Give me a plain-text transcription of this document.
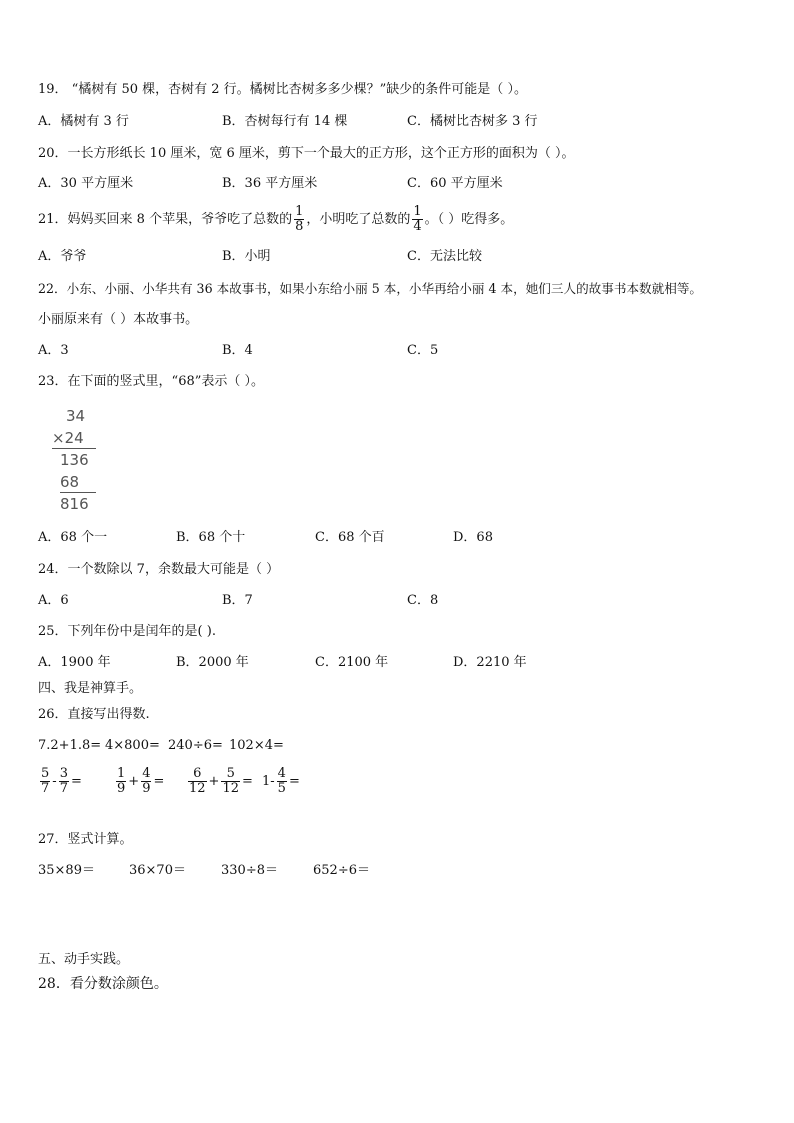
19． “橘树有 50 棵，杏树有 2 行。橘树比杏树多多少棵？”缺少的条件可能是（ ）。
A．橘树有 3 行	B．杏树每行有 14 棵	C．橘树比杏树多 3 行
20．一长方形纸长 10 厘米，宽 6 厘米，剪下一个最大的正方形，这个正方形的面积为（ ）。
A．30 平方厘米	B．36 平方厘米	C．60 平方厘米
21．妈妈买回来 8 个苹果，爷爷吃了总数的 $\frac{1}{8}$ ，小明吃了总数的 $\frac{1}{4}$ 。（ ）吃得多。
A．爷爷	B．小明	C．无法比较
22．小东、小丽、小华共有 36 本故事书，如果小东给小丽 5 本，小华再给小丽 4 本，她们三人的故事书本数就相等。
小丽原来有（ ）本故事书。
A．3	B．4	C．5
23．在下面的竖式里，“68”表示（ ）。
34
×24
136
68
816
A．68 个一	B．68 个十	C．68 个百	D．68
24．一个数除以 7，余数最大可能是（ ）
A．6	B．7	C．8
25．下列年份中是闰年的是( ).
A．1900 年	B．2000 年	C．2100 年	D．2210 年
四、我是神算手。
26．直接写出得数.
7.2+1.8= 4×800= 240÷6= 102×4=
$\frac{5}{7} - \frac{3}{7}$ =	$\frac{1}{9} + \frac{4}{9} = \frac{6}{12} + \frac{5}{12} = 1- \frac{4}{5}$ =
27．竖式计算。
35×89＝	36×70＝	330÷8＝	652÷6＝
五、动手实践。
28．看分数涂颜色。
